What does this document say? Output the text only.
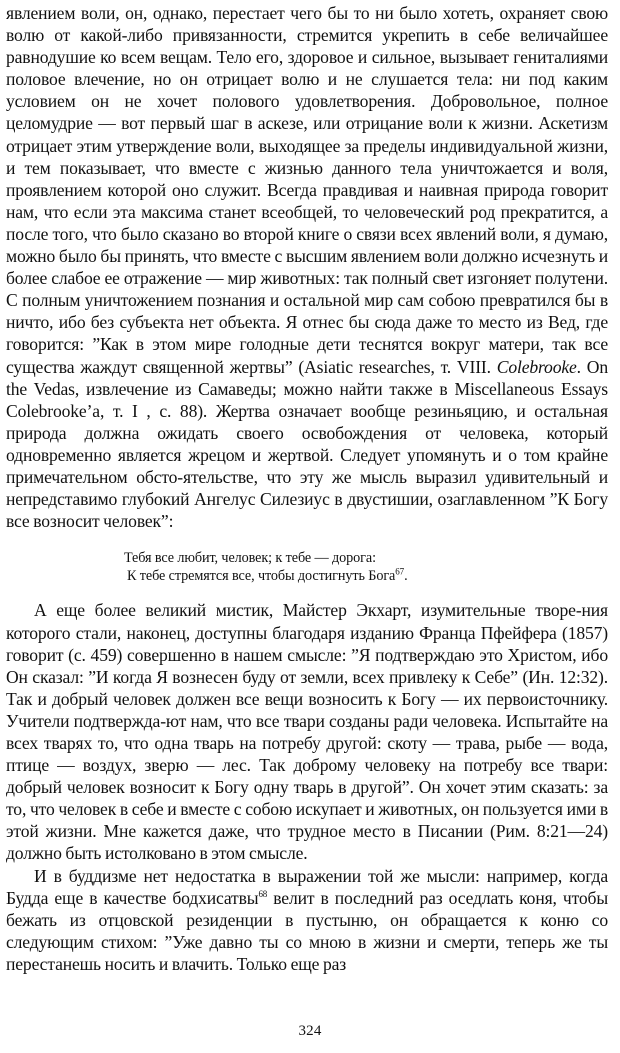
явлением воли, он, однако, перестает чего бы то ни было хотеть, охраняет свою волю от какой-либо привязанности, стремится укрепить в себе величайшее равнодушие ко всем вещам. Тело его, здоровое и сильное, вызывает гениталиями половое влечение, но он отрицает волю и не слушается тела: ни под каким условием он не хочет полового удовлетворения. Добровольное, полное целомудрие — вот первый шаг в аскезе, или отрицание воли к жизни. Аскетизм отрицает этим утверждение воли, выходящее за пределы индивидуальной жизни, и тем показывает, что вместе с жизнью данного тела уничтожается и воля, проявлением которой оно служит. Всегда правдивая и наивная природа говорит нам, что если эта максима станет всеобщей, то человеческий род прекратится, а после того, что было сказано во второй книге о связи всех явлений воли, я думаю, можно было бы принять, что вместе с высшим явлением воли должно исчезнуть и более слабое ее отражение — мир животных: так полный свет изгоняет полутени. С полным уничтожением познания и остальной мир сам собою превратился бы в ничто, ибо без субъекта нет объекта. Я отнес бы сюда даже то место из Вед, где говорится: ”Как в этом мире голодные дети теснятся вокруг матери, так все существа жаждут священной жертвы” (Asiatic researches, т. VIII. Colebrooke. On the Vedas, извлечение из Самаведы; можно найти также в Miscellaneous Essays Colebrooke’a, т. I , с. 88). Жертва означает вообще резиньяцию, и остальная природа должна ожидать своего освобождения от человека, который одновременно является жрецом и жертвой. Следует упомянуть и о том крайне примечательном обсто-ятельстве, что эту же мысль выразил удивительный и непредставимо глубокий Ангелус Силезиус в двустишии, озаглавленном ”К Богу все возносит человек”:

Тебя все любит, человек; к тебе — дорога:
К тебе стремятся все, чтобы достигнуть Бога$^{67}$.

А еще более великий мистик, Майстер Экхарт, изумительные творе-ния которого стали, наконец, доступны благодаря изданию Франца Пфейфера (1857) говорит (с. 459) совершенно в нашем смысле: ”Я подтверждаю это Христом, ибо Он сказал: ”И когда Я вознесен буду от земли, всех привлеку к Себе” (Ин. 12:32). Так и добрый человек должен все вещи возносить к Богу — их первоисточнику. Учители подтвержда-ют нам, что все твари созданы ради человека. Испытайте на всех тварях то, что одна тварь на потребу другой: скоту — трава, рыбе — вода, птице — воздух, зверю — лес. Так доброму человеку на потребу все твари: добрый человек возносит к Богу одну тварь в другой”. Он хочет этим сказать: за то, что человек в себе и вместе с собою искупает и животных, он пользуется ими в этой жизни. Мне кажется даже, что трудное место в Писании (Рим. 8:21—24) должно быть истолковано в этом смысле.

И в буддизме нет недостатка в выражении той же мысли: например, когда Будда еще в качестве бодхисатвы$^{68}$ велит в последний раз оседлать коня, чтобы бежать из отцовской резиденции в пустыню, он обращается к коню со следующим стихом: ”Уже давно ты со мною в жизни и смерти, теперь же ты перестанешь носить и влачить. Только еще раз

324
